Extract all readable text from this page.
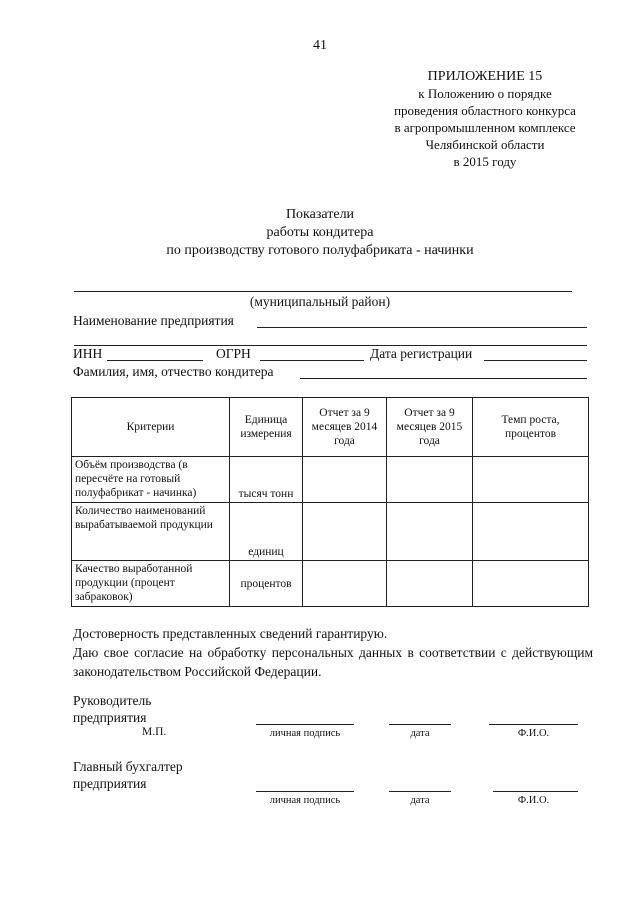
41
ПРИЛОЖЕНИЕ 15
к Положению о порядке
проведения областного конкурса
в агропромышленном комплексе
Челябинской области
в 2015 году
Показатели
работы кондитера
по производству готового полуфабриката - начинки
(муниципальный район)
Наименование предприятия
ИНН	ОГРН	Дата регистрации
Фамилия, имя, отчество кондитера
Критерии	Единица измерения	Отчет за 9 месяцев 2014 года	Отчет за 9 месяцев 2015 года	Темп роста, процентов
Объём производства (в пересчёте на готовый полуфабрикат - начинка)	тысяч тонн			
Количество наименований вырабатываемой продукции	единиц			
Качество выработанной продукции (процент забраковок)	процентов			
Достоверность представленных сведений гарантирую.
Даю свое согласие на обработку персональных данных в соответствии с действующим законодательством Российской Федерации.
Руководитель
предприятия
М.П.	личная подпись	дата	Ф.И.О.
Главный бухгалтер
предприятия
личная подпись	дата	Ф.И.О.
